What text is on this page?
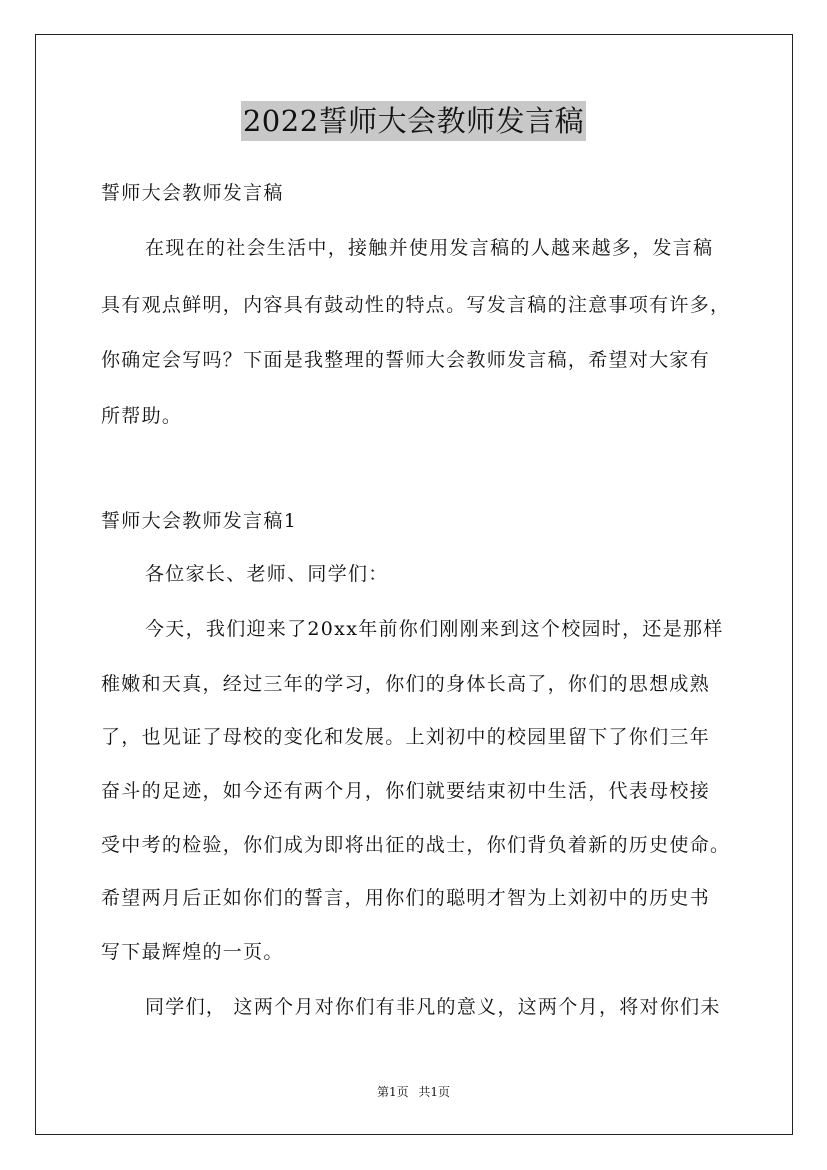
2022誓师大会教师发言稿
誓师大会教师发言稿
在现在的社会生活中，接触并使用发言稿的人越来越多，发言稿
具有观点鲜明，内容具有鼓动性的特点。写发言稿的注意事项有许多，
你确定会写吗？下面是我整理的誓师大会教师发言稿，希望对大家有
所帮助。
誓师大会教师发言稿1
各位家长、老师、同学们：
今天，我们迎来了20xx年前你们刚刚来到这个校园时，还是那样
稚嫩和天真，经过三年的学习，你们的身体长高了，你们的思想成熟
了，也见证了母校的变化和发展。上刘初中的校园里留下了你们三年
奋斗的足迹，如今还有两个月，你们就要结束初中生活，代表母校接
受中考的检验，你们成为即将出征的战士，你们背负着新的历史使命。
希望两月后正如你们的誓言，用你们的聪明才智为上刘初中的历史书
写下最辉煌的一页。
同学们， 这两个月对你们有非凡的意义，这两个月，将对你们未
第1页 共1页
